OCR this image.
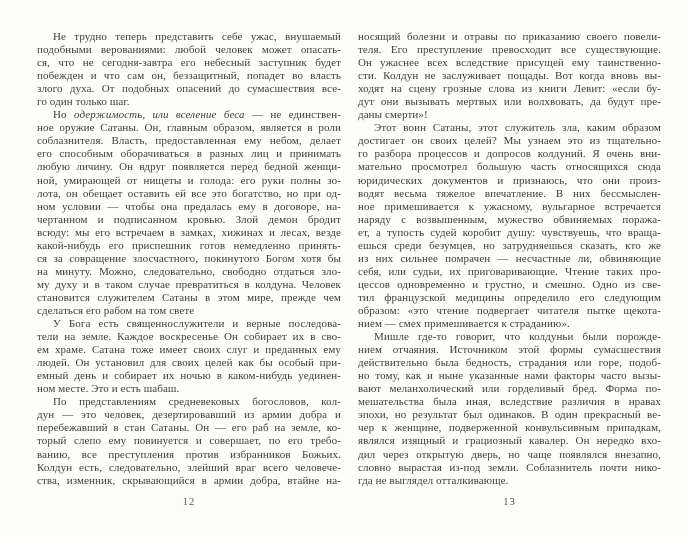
Не трудно теперь представить себе ужас, внушаемый
подобными верованиями: любой человек может опасать-
ся, что не сегодня-завтра его небесный заступник будет
побежден и что сам он, беззащитный, попадет во власть
злого духа. От подобных опасений до сумасшествия все-
го один только шаг.
Но одержимость, или вселение беса — не единствен-
ное оружие Сатаны. Он, главным образом, является в роли
соблазнителя. Власть, предоставленная ему небом, делает
его способным оборачиваться в разных лиц и принимать
любую личину. Он вдруг появляется перед бедной женщи-
ной, умирающей от нищеты и голода: его руки полны зо-
лота, он обещает оставить ей все это богатство, но при од-
ном условии — чтобы она предалась ему в договоре, на-
чертанном и подписанном кровью. Злой демон бродит
всюду: мы его встречаем в замках, хижинах и лесах, везде
какой-нибудь его приспешник готов немедленно принять-
ся за совращение злосчастного, покинутого Богом хотя бы
на минуту. Можно, следовательно, свободно отдаться зло-
му духу и в таком случае превратиться в колдуна. Человек
становится служителем Сатаны в этом мире, прежде чем
сделаться его рабом на том свете
У Бога есть священнослужители и верные последова-
тели на земле. Каждое воскресенье Он собирает их в сво-
ем храме. Сатана тоже имеет своих слуг и преданных ему
людей. Он установил для своих целей как бы особый при-
емный день и собирает их ночью в каком-нибудь уединен-
ном месте. Это и есть шабаш.
По представлениям средневековых богословов, кол-
дун — это человек, дезертировавший из армии добра и
перебежавший в стан Сатаны. Он — его раб на земле, ко-
торый слепо ему повинуется и совершает, по его требо-
ванию, все преступления против избранников Божьих.
Колдун есть, следовательно, злейший враг всего человече-
ства, изменник, скрывающийся в армии добра, втайне на-
носящий болезни и отравы по приказанию своего повели-
теля. Его преступление превосходит все существующие.
Он ужаснее всех вследствие присущей ему таинственно-
сти. Колдун не заслуживает пощады. Вот когда вновь вы-
ходят на сцену грозные слова из книги Левит: «если бу-
дут они вызывать мертвых или волхвовать, да будут пре-
даны смерти»!
Этот воин Сатаны, этот служитель зла, каким образом
достигает он своих целей? Мы узнаем это из тщательно-
го разбора процессов и допросов колдуний. Я очень вни-
мательно просмотрел большую часть относящихся сюда
юридических документов и признаюсь, что они произ-
водят весьма тяжелое впечатление. В них бессмыслен-
ное примешивается к ужасному, вульгарное встречается
наряду с возвышенным, мужество обвиняемых поража-
ет, а тупость судей коробит душу: чувствуешь, что враща-
ешься среди безумцев, но затрудняешься сказать, кто же
из них сильнее помрачен — несчастные ли, обвиняющие
себя, или судьи, их приговаривающие. Чтение таких про-
цессов одновременно и грустно, и смешно. Одно из све-
тил французской медицины определило его следующим
образом: «это чтение подвергает читателя пытке щекота-
нием — смех примешивается к страданию».
Мишле где-то говорит, что колдуньи были порожде-
нием отчаяния. Источником этой формы сумасшествия
действительно была бедность, страдания или горе, подоб-
но тому, как и ныне указанные нами факторы часто вызы-
вают меланхолический или горделивый бред. Форма по-
мешательства была иная, вследствие различия в нравах
эпохи, но результат был одинаков. В один прекрасный ве-
чер к женщине, подверженной конвульсивным припадкам,
являлся изящный и грациозный кавалер. Он нередко вхо-
дил через открытую дверь, но чаще появлялся внезапно,
словно вырастая из-под земли. Соблазнитель почти нико-
гда не выглядел отталкивающе.
12	13
